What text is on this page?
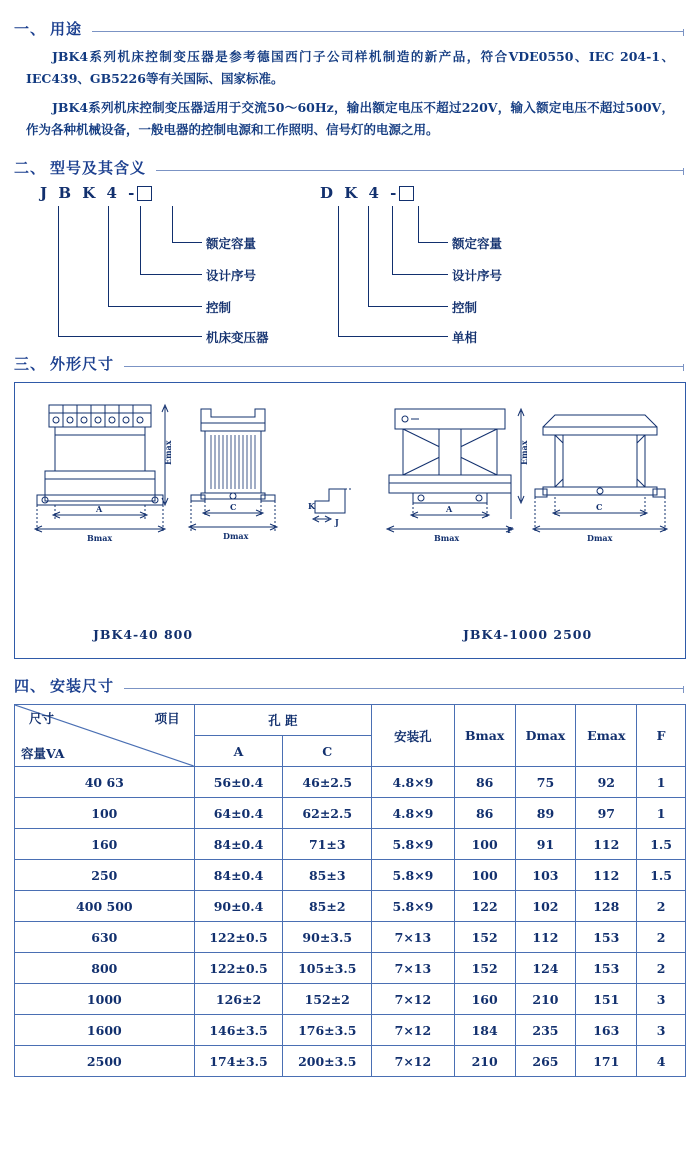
一、 用途

JBK4系列机床控制变压器是参考德国西门子公司样机制造的新产品，符合VDE0550、IEC 204-1、IEC439、GB5226等有关国际、国家标准。

JBK4系列机床控制变压器适用于交流50～60Hz，输出额定电压不超过220V，输入额定电压不超过500V，作为各种机械设备，一般电器的控制电源和工作照明、信号灯的电源之用。

二、 型号及其含义
J B K 4 -
额定容量
设计序号
控制
机床变压器
D K 4 -
额定容量
设计序号
控制
单相
三、 外形尺寸
Emax
A
Bmax
C
Dmax
K
J
Emax
A
Bmax
F
C
Dmax
JBK4-40 800	JBK4-1000 2500
四、 安装尺寸
尺寸 项目
容量VA	孔 距		安装孔	Bmax	Dmax	Emax	F
	A	C					
40 63	56±0.4	46±2.5	4.8×9	86	75	92	1
100	64±0.4	62±2.5	4.8×9	86	89	97	1
160	84±0.4	71±3	5.8×9	100	91	112	1.5
250	84±0.4	85±3	5.8×9	100	103	112	1.5
400 500	90±0.4	85±2	5.8×9	122	102	128	2
630	122±0.5	90±3.5	7×13	152	112	153	2
800	122±0.5	105±3.5	7×13	152	124	153	2
1000	126±2	152±2	7×12	160	210	151	3
1600	146±3.5	176±3.5	7×12	184	235	163	3
2500	174±3.5	200±3.5	7×12	210	265	171	4
